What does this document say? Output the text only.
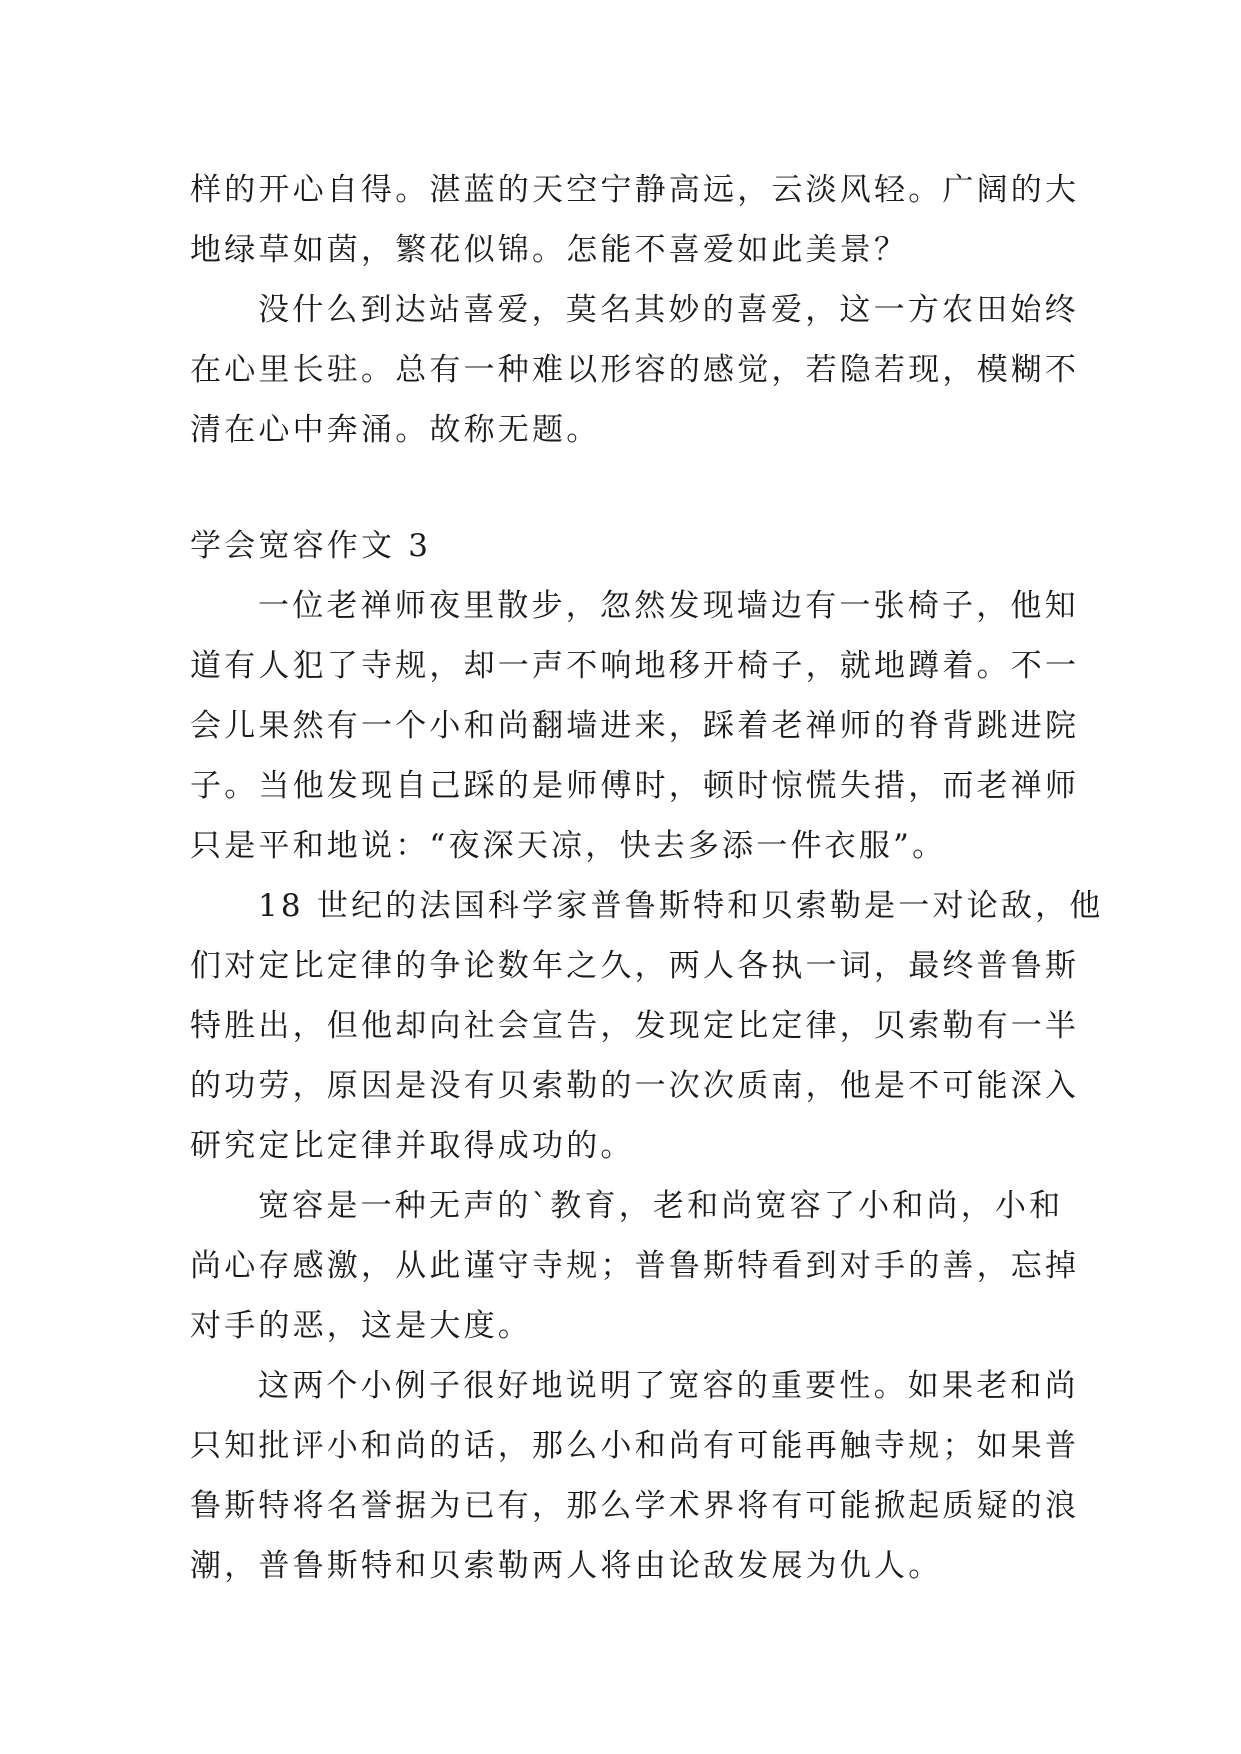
样的开心自得。湛蓝的天空宁静高远，云淡风轻。广阔的大
地绿草如茵，繁花似锦。怎能不喜爱如此美景？
没什么到达站喜爱，莫名其妙的喜爱，这一方农田始终
在心里长驻。总有一种难以形容的感觉，若隐若现，模糊不
清在心中奔涌。故称无题。
学会宽容作文 3
一位老禅师夜里散步，忽然发现墙边有一张椅子，他知
道有人犯了寺规，却一声不响地移开椅子，就地蹲着。不一
会儿果然有一个小和尚翻墙进来，踩着老禅师的脊背跳进院
子。当他发现自己踩的是师傅时，顿时惊慌失措，而老禅师
只是平和地说：“夜深天凉，快去多添一件衣服”。
18 世纪的法国科学家普鲁斯特和贝索勒是一对论敌，他
们对定比定律的争论数年之久，两人各执一词，最终普鲁斯
特胜出，但他却向社会宣告，发现定比定律，贝索勒有一半
的功劳，原因是没有贝索勒的一次次质南，他是不可能深入
研究定比定律并取得成功的。
宽容是一种无声的`教育，老和尚宽容了小和尚，小和
尚心存感激，从此谨守寺规；普鲁斯特看到对手的善，忘掉
对手的恶，这是大度。
这两个小例子很好地说明了宽容的重要性。如果老和尚
只知批评小和尚的话，那么小和尚有可能再触寺规；如果普
鲁斯特将名誉据为已有，那么学术界将有可能掀起质疑的浪
潮，普鲁斯特和贝索勒两人将由论敌发展为仇人。
